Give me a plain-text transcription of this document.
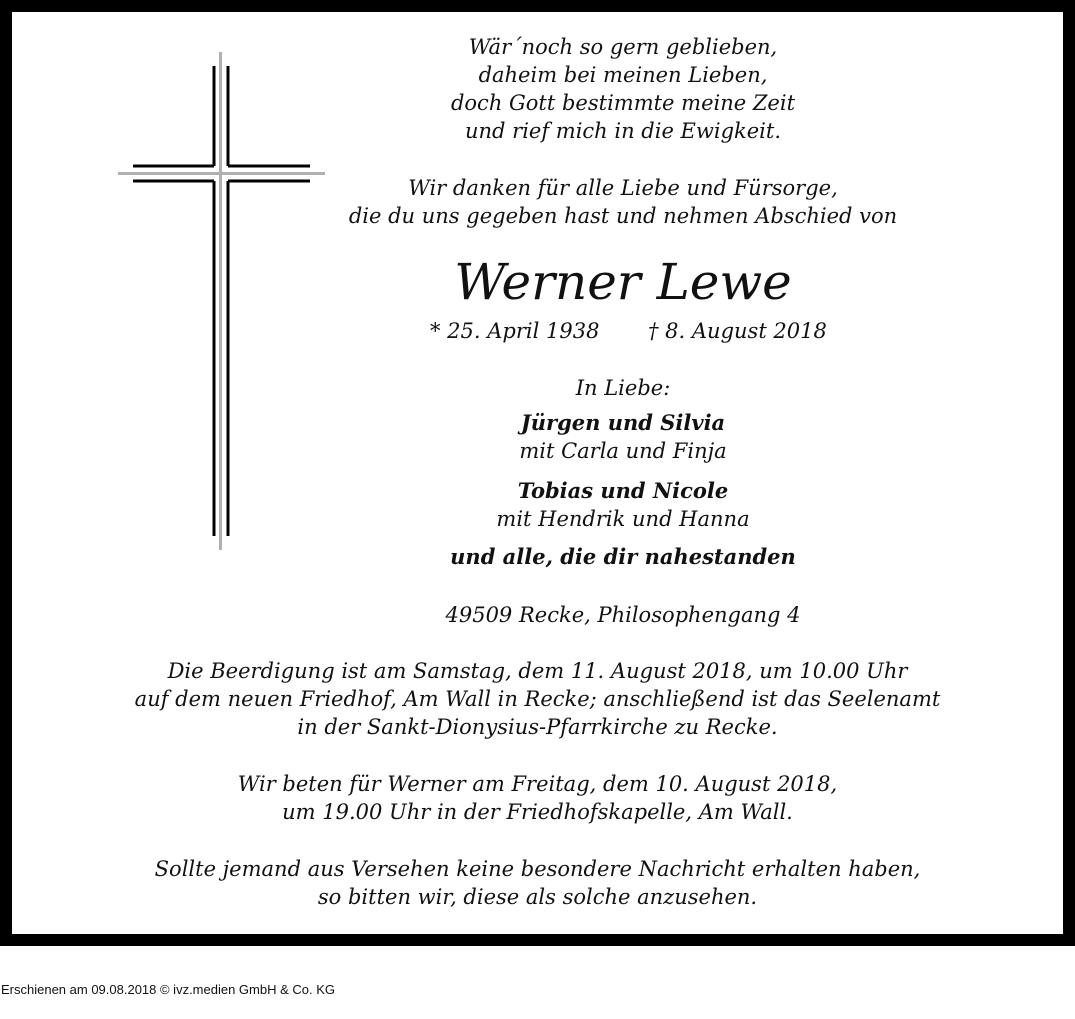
Wär´noch so gern geblieben,
daheim bei meinen Lieben,
doch Gott bestimmte meine Zeit
und rief mich in die Ewigkeit.
Wir danken für alle Liebe und Fürsorge,
die du uns gegeben hast und nehmen Abschied von
Werner Lewe
* 25. April 1938 † 8. August 2018
In Liebe:
Jürgen und Silvia
mit Carla und Finja
Tobias und Nicole
mit Hendrik und Hanna
und alle, die dir nahestanden
49509 Recke, Philosophengang 4
Die Beerdigung ist am Samstag, dem 11. August 2018, um 10.00 Uhr
auf dem neuen Friedhof, Am Wall in Recke; anschließend ist das Seelenamt
in der Sankt-Dionysius-Pfarrkirche zu Recke.
Wir beten für Werner am Freitag, dem 10. August 2018,
um 19.00 Uhr in der Friedhofskapelle, Am Wall.
Sollte jemand aus Versehen keine besondere Nachricht erhalten haben,
so bitten wir, diese als solche anzusehen.
Erschienen am 09.08.2018 © ivz.medien GmbH & Co. KG
